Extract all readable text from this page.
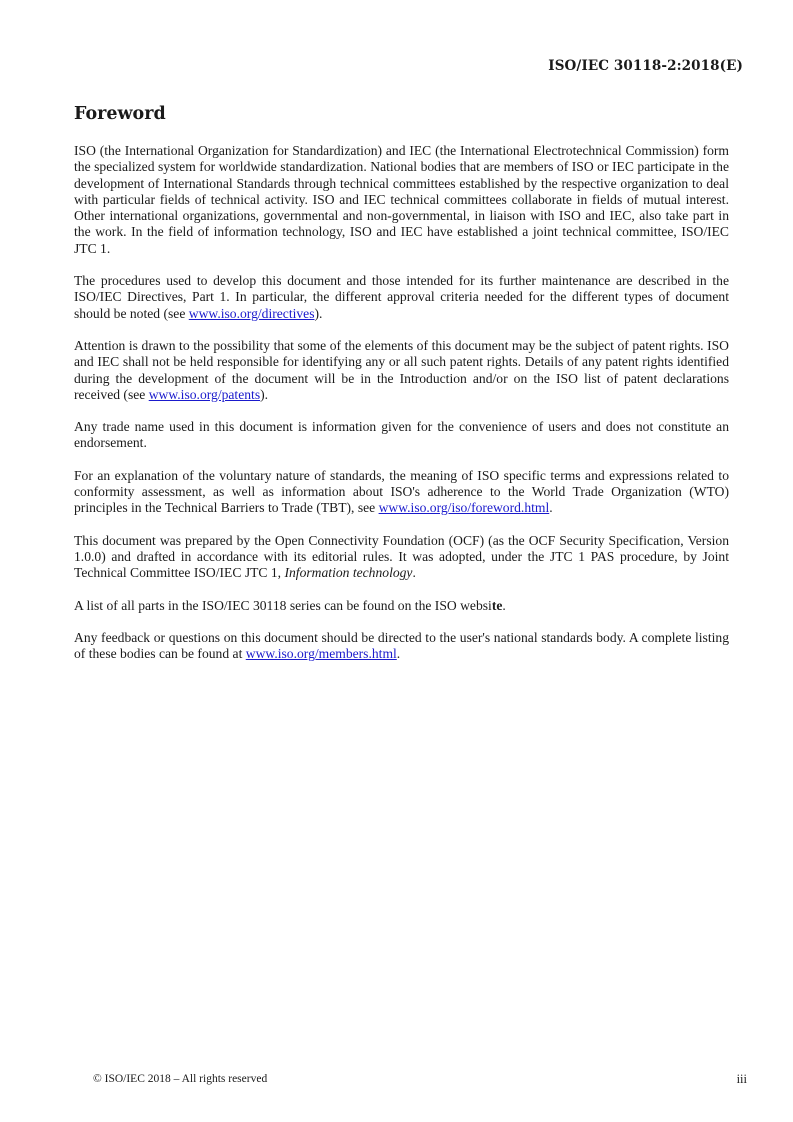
ISO/IEC 30118-2:2018(E)
Foreword

ISO (the International Organization for Standardization) and IEC (the International Electrotechnical Commission) form the specialized system for worldwide standardization. National bodies that are members of ISO or IEC participate in the development of International Standards through technical committees established by the respective organization to deal with particular fields of technical activity. ISO and IEC technical committees collaborate in fields of mutual interest. Other international organizations, governmental and non-governmental, in liaison with ISO and IEC, also take part in the work. In the field of information technology, ISO and IEC have established a joint technical committee, ISO/IEC JTC 1.

The procedures used to develop this document and those intended for its further maintenance are described in the ISO/IEC Directives, Part 1. In particular, the different approval criteria needed for the different types of document should be noted (see www.iso.org/directives).

Attention is drawn to the possibility that some of the elements of this document may be the subject of patent rights. ISO and IEC shall not be held responsible for identifying any or all such patent rights. Details of any patent rights identified during the development of the document will be in the Introduction and/or on the ISO list of patent declarations received (see www.iso.org/patents).

Any trade name used in this document is information given for the convenience of users and does not constitute an endorsement.

For an explanation of the voluntary nature of standards, the meaning of ISO specific terms and expressions related to conformity assessment, as well as information about ISO's adherence to the World Trade Organization (WTO) principles in the Technical Barriers to Trade (TBT), see www.iso.org/iso/foreword.html.

This document was prepared by the Open Connectivity Foundation (OCF) (as the OCF Security Specification, Version 1.0.0) and drafted in accordance with its editorial rules. It was adopted, under the JTC 1 PAS procedure, by Joint Technical Committee ISO/IEC JTC 1, Information technology.

A list of all parts in the ISO/IEC 30118 series can be found on the ISO website.

Any feedback or questions on this document should be directed to the user's national standards body. A complete listing of these bodies can be found at www.iso.org/members.html.

© ISO/IEC 2018 – All rights reserved	iii
